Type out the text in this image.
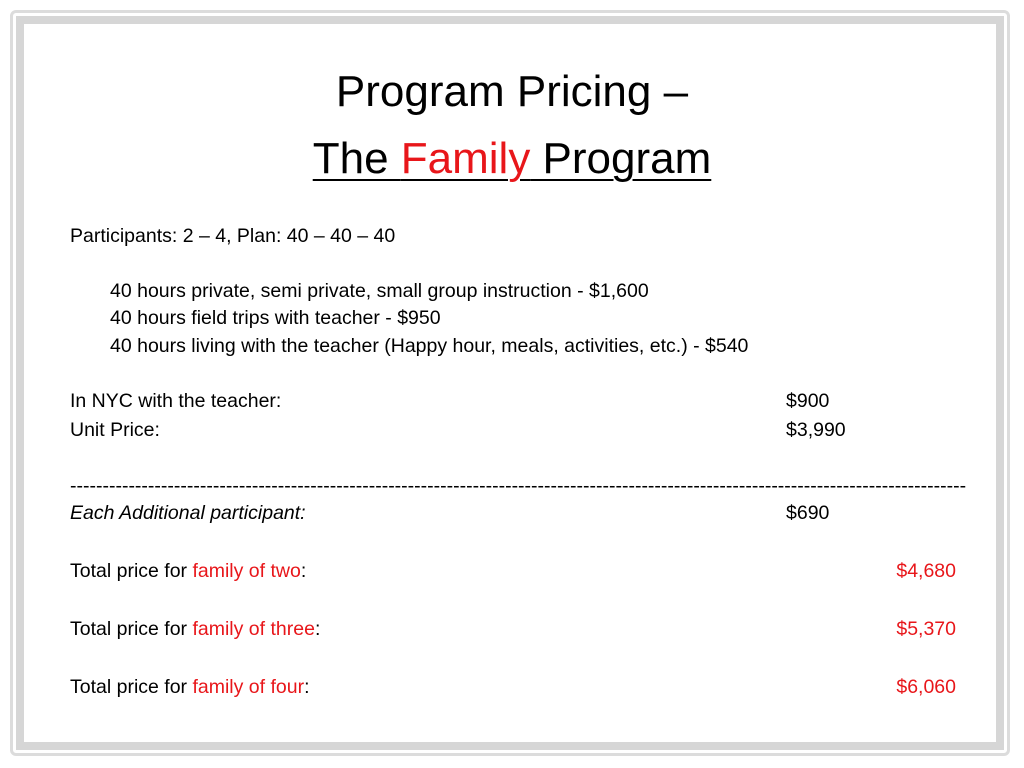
Program Pricing –
The Family Program
Participants: 2 – 4, Plan: 40 – 40 – 40
40 hours private, semi private, small group instruction - $1,600
40 hours field trips with teacher - $950
40 hours living with the teacher (Happy hour, meals, activities, etc.) - $540
In NYC with the teacher:	$900
Unit Price:	$3,990
------------------------------------------------------------------------------------------------------------------------------------------
Each Additional participant:	$690
Total price for family of two:	$4,680
Total price for family of three:	$5,370
Total price for family of four:	$6,060
